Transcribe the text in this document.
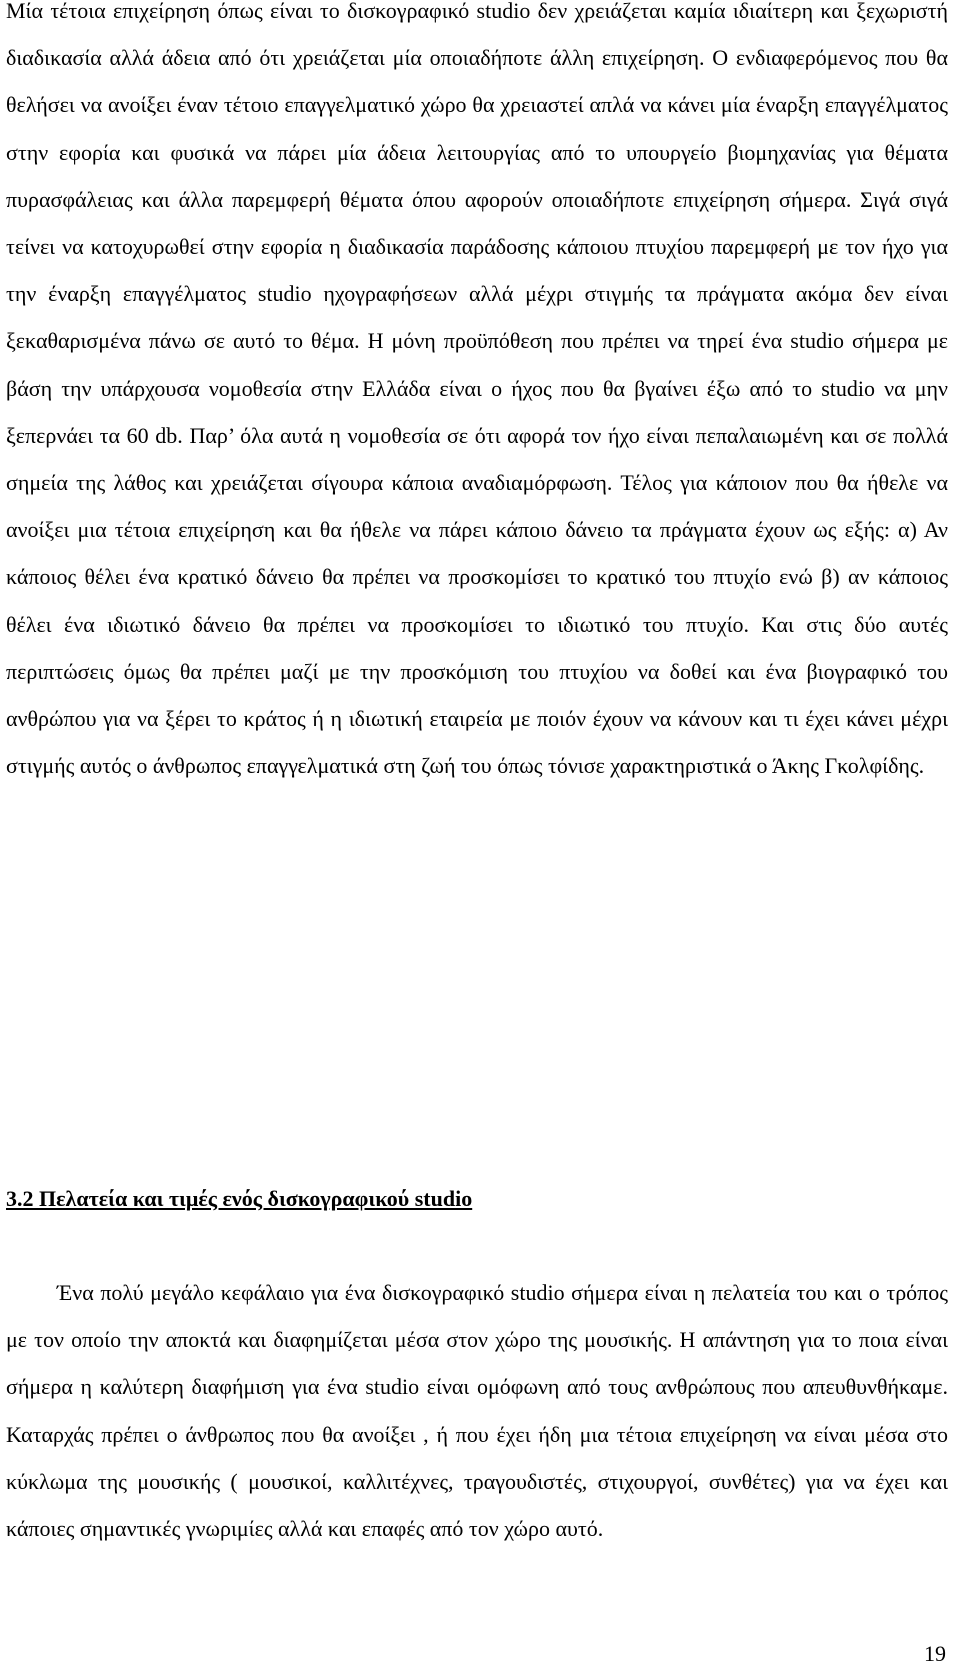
Μία τέτοια επιχείρηση όπως είναι το δισκογραφικό studio δεν χρειάζεται καμία ιδιαίτερη και ξεχωριστή διαδικασία αλλά άδεια από ότι χρειάζεται μία οποιαδήποτε άλλη επιχείρηση. Ο ενδιαφερόμενος που θα θελήσει να ανοίξει έναν τέτοιο επαγγελματικό χώρο θα χρειαστεί απλά να κάνει μία έναρξη επαγγέλματος στην εφορία και φυσικά να πάρει μία άδεια λειτουργίας από το υπουργείο βιομηχανίας για θέματα πυρασφάλειας και άλλα παρεμφερή θέματα όπου αφορούν οποιαδήποτε επιχείρηση σήμερα. Σιγά σιγά τείνει να κατοχυρωθεί στην εφορία η διαδικασία παράδοσης κάποιου πτυχίου παρεμφερή με τον ήχο για την έναρξη επαγγέλματος studio ηχογραφήσεων αλλά μέχρι στιγμής τα πράγματα ακόμα δεν είναι ξεκαθαρισμένα πάνω σε αυτό το θέμα. Η μόνη προϋπόθεση που πρέπει να τηρεί ένα studio σήμερα με βάση την υπάρχουσα νομοθεσία στην Ελλάδα είναι ο ήχος που θα βγαίνει έξω από το studio να μην ξεπερνάει τα 60 db. Παρ’ όλα αυτά η νομοθεσία σε ότι αφορά τον ήχο είναι πεπαλαιωμένη και σε πολλά σημεία της λάθος και χρειάζεται σίγουρα κάποια αναδιαμόρφωση. Τέλος για κάποιον που θα ήθελε να ανοίξει μια τέτοια επιχείρηση και θα ήθελε να πάρει κάποιο δάνειο τα πράγματα έχουν ως εξής: α) Αν κάποιος θέλει ένα κρατικό δάνειο θα πρέπει να προσκομίσει το κρατικό του πτυχίο ενώ β) αν κάποιος θέλει ένα ιδιωτικό δάνειο θα πρέπει να προσκομίσει το ιδιωτικό του πτυχίο. Και στις δύο αυτές περιπτώσεις όμως θα πρέπει μαζί με την προσκόμιση του πτυχίου να δοθεί και ένα βιογραφικό του ανθρώπου για να ξέρει το κράτος ή η ιδιωτική εταιρεία με ποιόν έχουν να κάνουν και τι έχει κάνει μέχρι στιγμής αυτός ο άνθρωπος επαγγελματικά στη ζωή του όπως τόνισε χαρακτηριστικά ο Άκης Γκολφίδης.

3.2 Πελατεία και τιμές ενός δισκογραφικού studio

Ένα πολύ μεγάλο κεφάλαιο για ένα δισκογραφικό studio σήμερα είναι η πελατεία του και ο τρόπος με τον οποίο την αποκτά και διαφημίζεται μέσα στον χώρο της μουσικής. Η απάντηση για το ποια είναι σήμερα η καλύτερη διαφήμιση για ένα studio είναι ομόφωνη από τους ανθρώπους που απευθυνθήκαμε. Καταρχάς πρέπει ο άνθρωπος που θα ανοίξει , ή που έχει ήδη μια τέτοια επιχείρηση να είναι μέσα στο κύκλωμα της μουσικής ( μουσικοί, καλλιτέχνες, τραγουδιστές, στιχουργοί, συνθέτες) για να έχει και κάποιες σημαντικές γνωριμίες αλλά και επαφές από τον χώρο αυτό.

19
